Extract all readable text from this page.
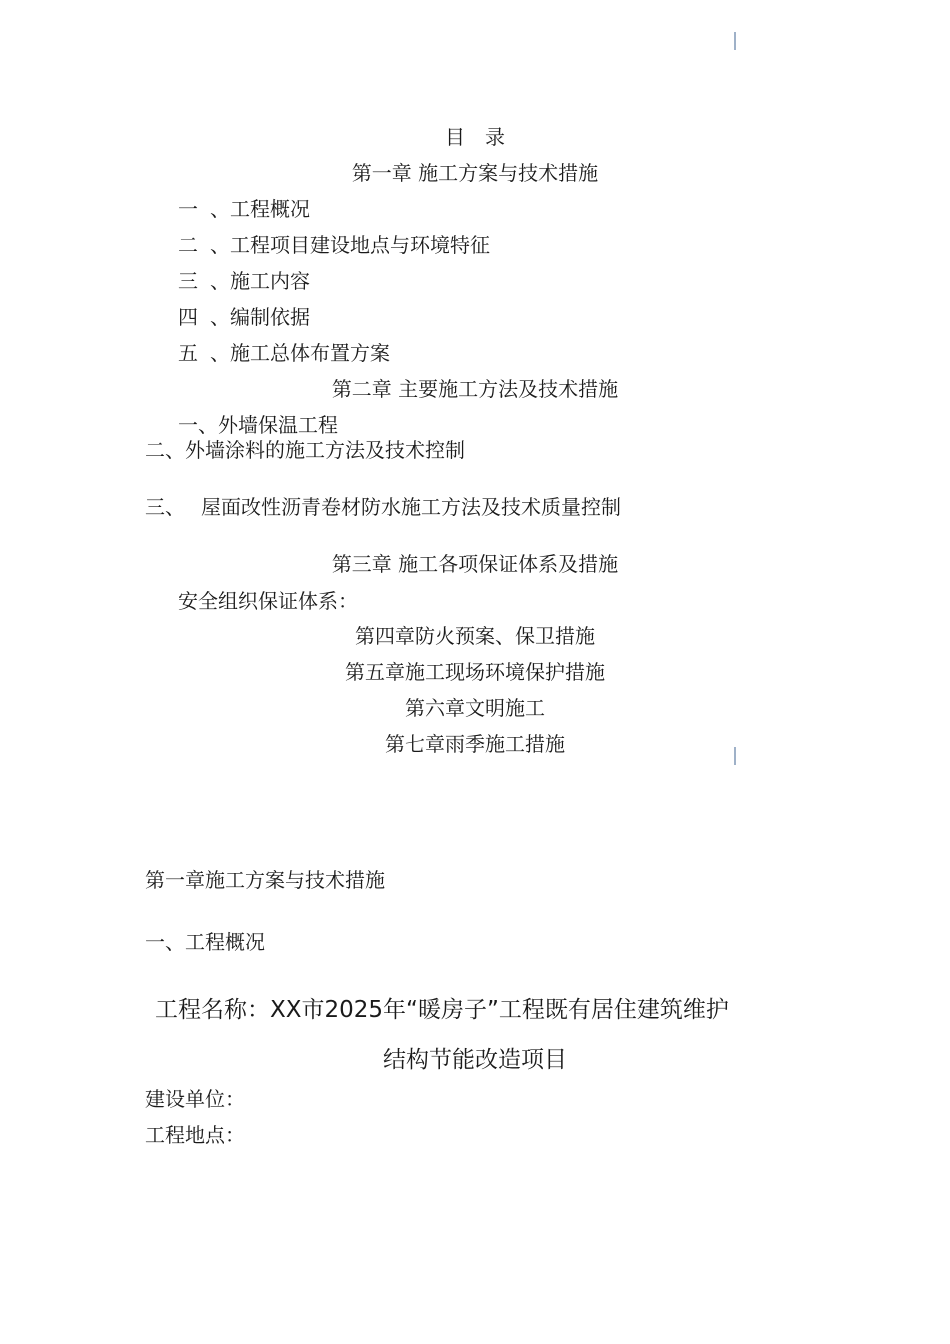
目　录
第一章 施工方案与技术措施
一 、工程概况
二 、工程项目建设地点与环境特征
三 、施工内容
四 、编制依据
五 、施工总体布置方案
第二章 主要施工方法及技术措施
一、外墙保温工程
二、外墙涂料的施工方法及技术控制
三、 屋面改性沥青卷材防水施工方法及技术质量控制
第三章 施工各项保证体系及措施
安全组织保证体系：
第四章防火预案、保卫措施
第五章施工现场环境保护措施
第六章文明施工
第七章雨季施工措施
第一章施工方案与技术措施
一、工程概况
工程名称：XX市2025年“暖房子”工程既有居住建筑维护
结构节能改造项目
建设单位：
工程地点：
